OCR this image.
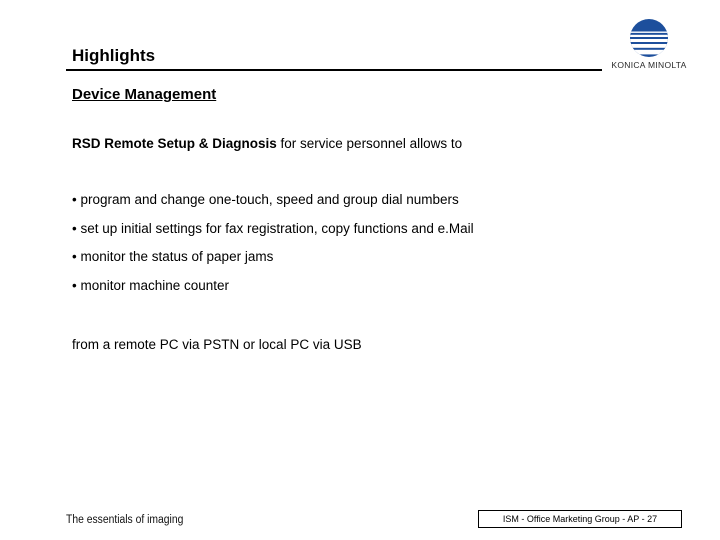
Highlights	KONICA MINOLTA
Device Management
RSD Remote Setup & Diagnosis for service personnel allows to
• program and change one-touch, speed and group dial numbers
• set up initial settings for fax registration, copy functions and e.Mail
• monitor the status of paper jams
• monitor machine counter
from a remote PC via PSTN or local PC via USB
The essentials of imaging	ISM - Office Marketing Group - AP - 27
